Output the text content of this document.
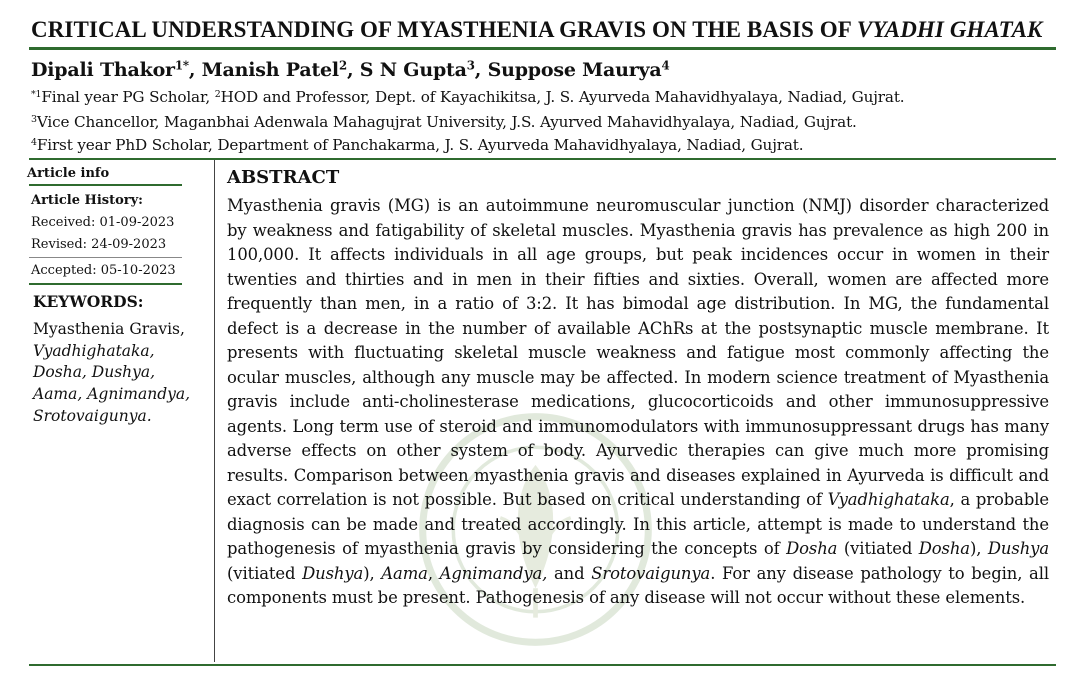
CRITICAL UNDERSTANDING OF MYASTHENIA GRAVIS ON THE BASIS OF VYADHI GHATAK
Dipali Thakor$^{1*}$, Manish Patel$^2$, S N Gupta$^3$, Suppose Maurya$^4$
$^{*1}$Final year PG Scholar, $^2$HOD and Professor, Dept. of Kayachikitsa, J. S. Ayurveda Mahavidhyalaya, Nadiad, Gujrat.
$^3$Vice Chancellor, Maganbhai Adenwala Mahagujrat University, J.S. Ayurved Mahavidhyalaya, Nadiad, Gujrat.
$^4$First year PhD Scholar, Department of Panchakarma, J. S. Ayurveda Mahavidhyalaya, Nadiad, Gujrat.
Article info
Article History:
Received: 01-09-2023
Revised: 24-09-2023
Accepted: 05-10-2023
KEYWORDS:
Myasthenia Gravis,
Vyadhighataka,
Dosha, Dushya,
Aama, Agnimandya,
Srotovaigunya.
ABSTRACT

Myasthenia gravis (MG) is an autoimmune neuromuscular junction (NMJ) disorder characterized by weakness and fatigability of skeletal muscles. Myasthenia gravis has prevalence as high 200 in 100,000. It affects individuals in all age groups, but peak incidences occur in women in their twenties and thirties and in men in their fifties and sixties. Overall, women are affected more frequently than men, in a ratio of 3:2. It has bimodal age distribution. In MG, the fundamental defect is a decrease in the number of available AChRs at the postsynaptic muscle membrane. It presents with fluctuating skeletal muscle weakness and fatigue most commonly affecting the ocular muscles, although any muscle may be affected. In modern science treatment of Myasthenia gravis include anti-cholinesterase medications, glucocorticoids and other immunosuppressive agents. Long term use of steroid and immunomodulators with immunosuppressant drugs has many adverse effects on other system of body. Ayurvedic therapies can give much more promising results. Comparison between myasthenia gravis and diseases explained in Ayurveda is difficult and exact correlation is not possible. But based on critical understanding of Vyadhighataka, a probable diagnosis can be made and treated accordingly. In this article, attempt is made to understand the pathogenesis of myasthenia gravis by considering the concepts of Dosha (vitiated Dosha), Dushya (vitiated Dushya), Aama, Agnimandya, and Srotovaigunya. For any disease pathology to begin, all components must be present. Pathogenesis of any disease will not occur without these elements.
